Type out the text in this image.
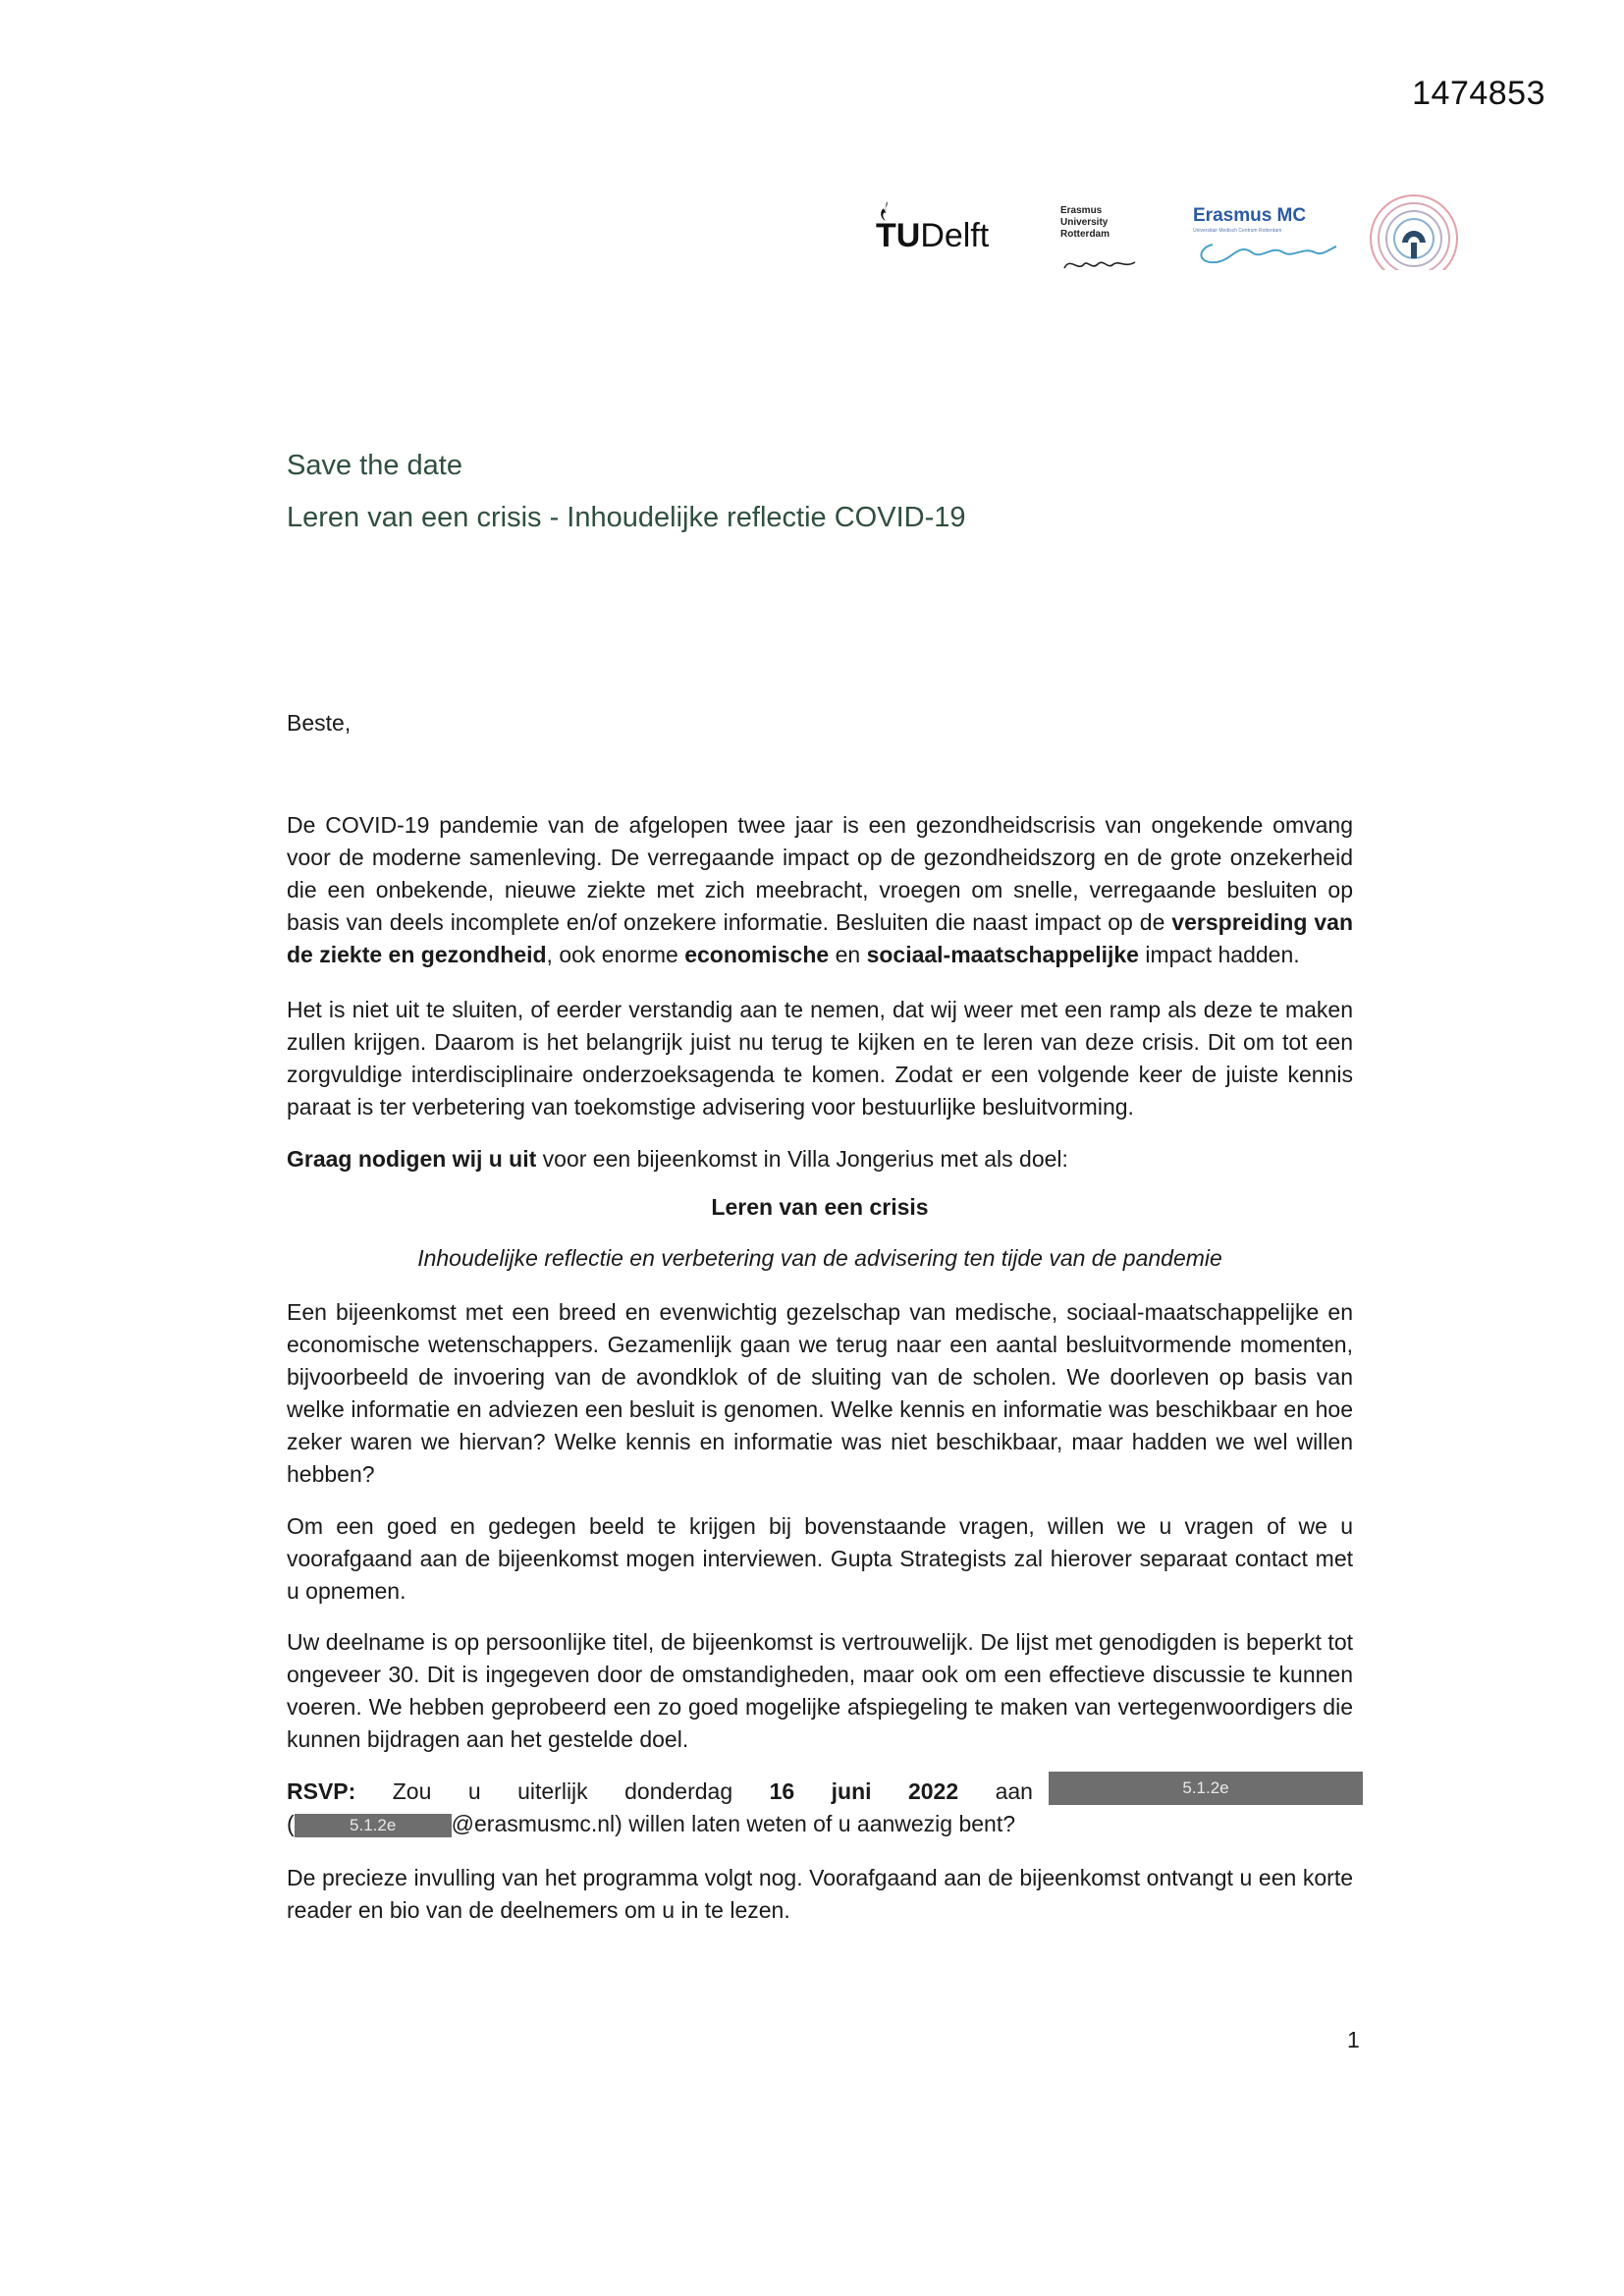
1474853
TUDelft
Erasmus
University
Rotterdam
Erasmus MC
Universitair Medisch Centrum Rotterdam
Save the date
Leren van een crisis - Inhoudelijke reflectie COVID-19
Beste,

De COVID-19 pandemie van de afgelopen twee jaar is een gezondheidscrisis van ongekende omvang voor de moderne samenleving. De verregaande impact op de gezondheidszorg en de grote onzekerheid die een onbekende, nieuwe ziekte met zich meebracht, vroegen om snelle, verregaande besluiten op basis van deels incomplete en/of onzekere informatie. Besluiten die naast impact op de verspreiding van de ziekte en gezondheid, ook enorme economische en sociaal-maatschappelijke impact hadden.

Het is niet uit te sluiten, of eerder verstandig aan te nemen, dat wij weer met een ramp als deze te maken zullen krijgen. Daarom is het belangrijk juist nu terug te kijken en te leren van deze crisis. Dit om tot een zorgvuldige interdisciplinaire onderzoeksagenda te komen. Zodat er een volgende keer de juiste kennis paraat is ter verbetering van toekomstige advisering voor bestuurlijke besluitvorming.

Graag nodigen wij u uit voor een bijeenkomst in Villa Jongerius met als doel:

Leren van een crisis
Inhoudelijke reflectie en verbetering van de advisering ten tijde van de pandemie

Een bijeenkomst met een breed en evenwichtig gezelschap van medische, sociaal-maatschappelijke en economische wetenschappers. Gezamenlijk gaan we terug naar een aantal besluitvormende momenten, bijvoorbeeld de invoering van de avondklok of de sluiting van de scholen. We doorleven op basis van welke informatie en adviezen een besluit is genomen. Welke kennis en informatie was beschikbaar en hoe zeker waren we hiervan? Welke kennis en informatie was niet beschikbaar, maar hadden we wel willen hebben?

Om een goed en gedegen beeld te krijgen bij bovenstaande vragen, willen we u vragen of we u voorafgaand aan de bijeenkomst mogen interviewen. Gupta Strategists zal hierover separaat contact met u opnemen.

Uw deelname is op persoonlijke titel, de bijeenkomst is vertrouwelijk. De lijst met genodigden is beperkt tot ongeveer 30. Dit is ingegeven door de omstandigheden, maar ook om een effectieve discussie te kunnen voeren. We hebben geprobeerd een zo goed mogelijke afspiegeling te maken van vertegenwoordigers die kunnen bijdragen aan het gestelde doel.

RSVP: Zou u uiterlijk donderdag 16 juni 2022 aan	5.1.2e
(	5.1.2e @erasmusmc.nl) willen laten weten of u aanwezig bent?

De precieze invulling van het programma volgt nog. Voorafgaand aan de bijeenkomst ontvangt u een korte reader en bio van de deelnemers om u in te lezen.

1
